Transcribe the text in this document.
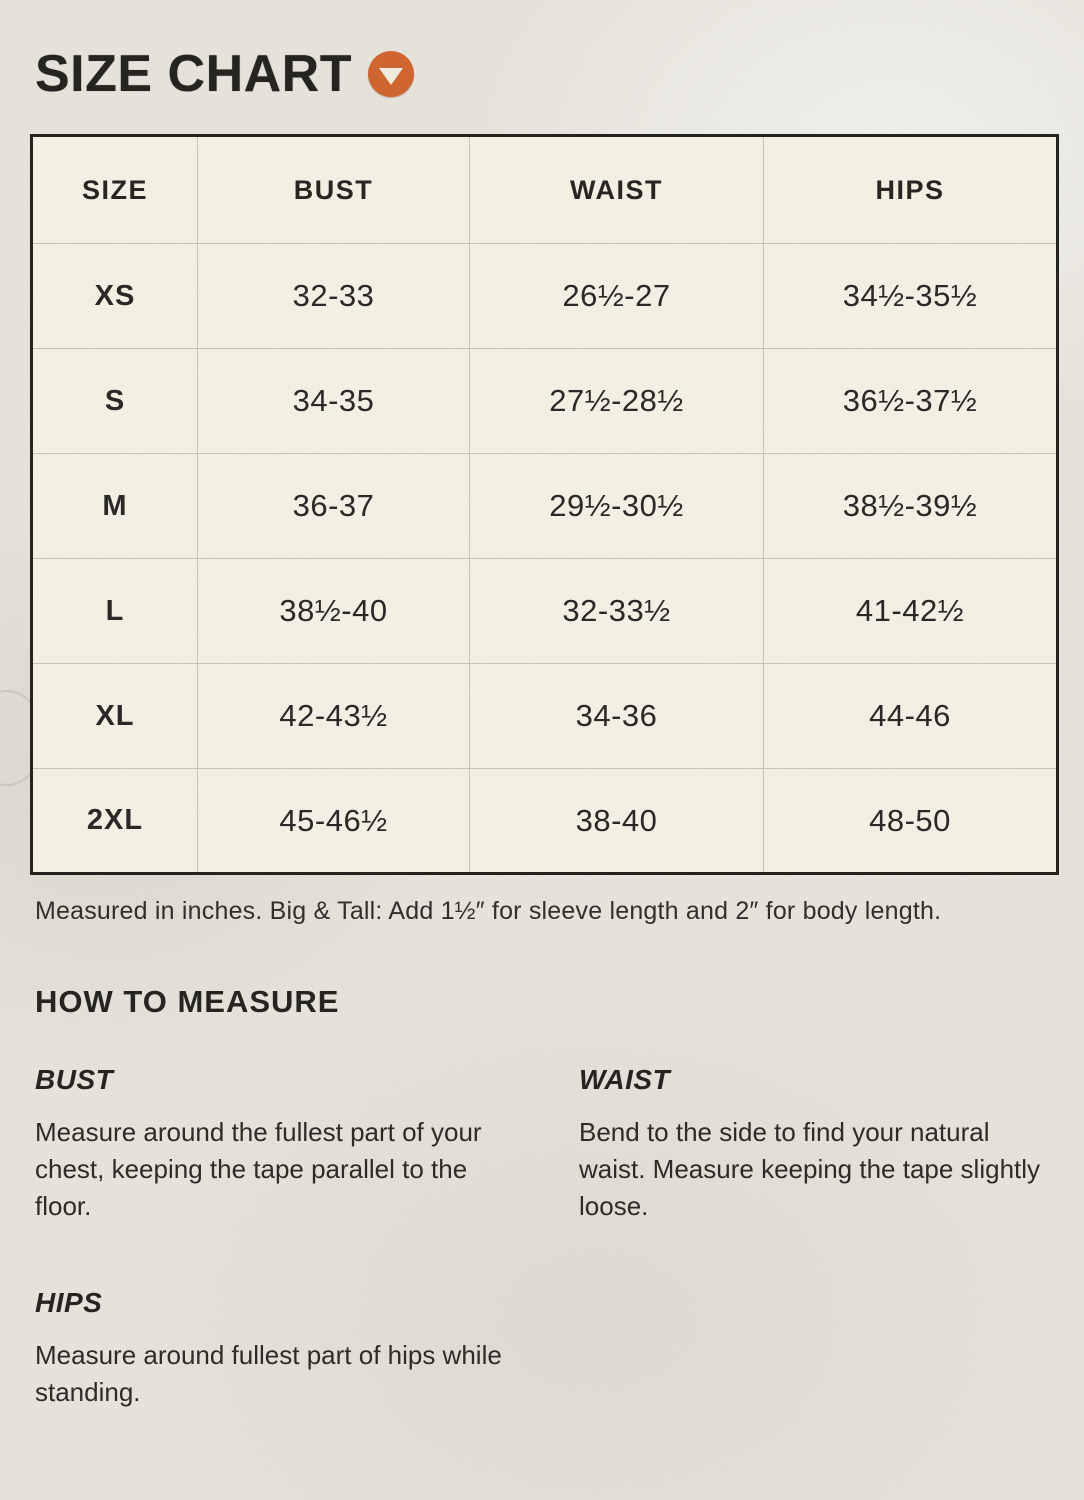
SIZE CHART
SIZE	BUST	WAIST	HIPS
XS	32-33	26½-27	34½-35½
S	34-35	27½-28½	36½-37½
M	36-37	29½-30½	38½-39½
L	38½-40	32-33½	41-42½
XL	42-43½	34-36	44-46
2XL	45-46½	38-40	48-50

Measured in inches. Big & Tall: Add 1½″ for sleeve length and 2″ for body length.

HOW TO MEASURE
BUST

Measure around the fullest part of your chest, keeping the tape parallel to the floor.

WAIST

Bend to the side to find your natural waist. Measure keeping the tape slightly loose.

HIPS

Measure around fullest part of hips while standing.
